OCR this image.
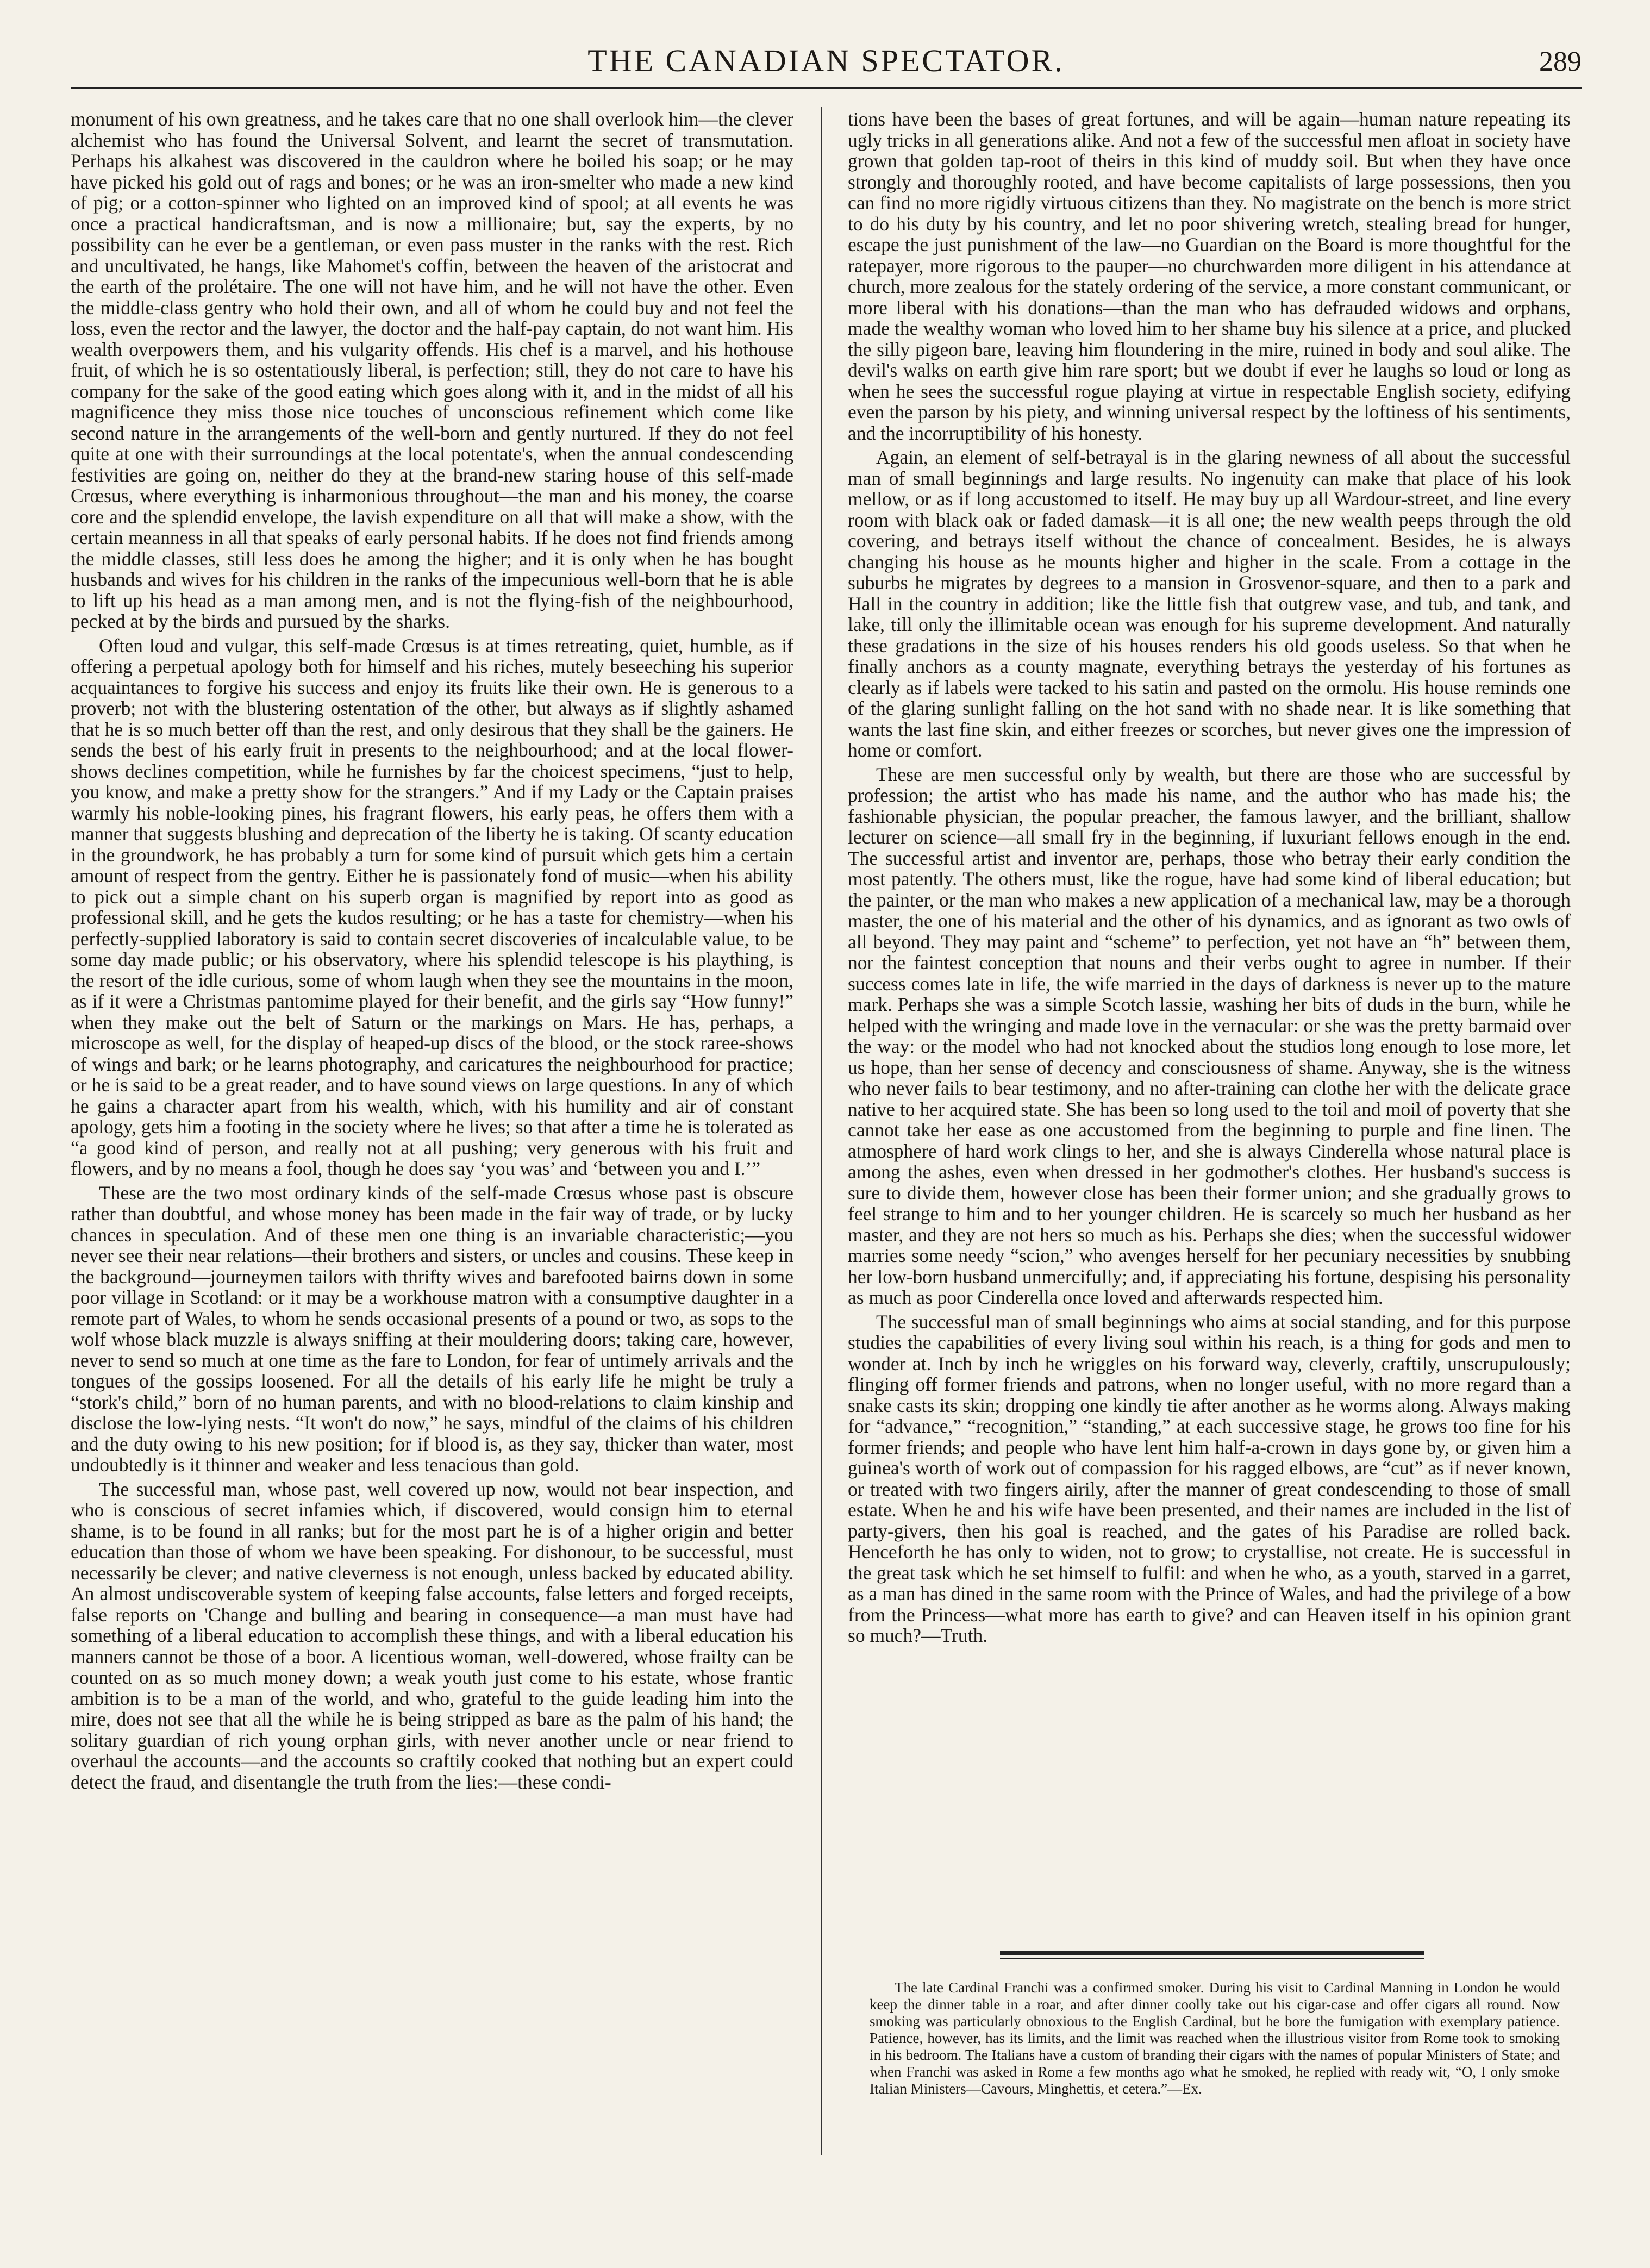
THE CANADIAN SPECTATOR.	289

monument of his own greatness, and he takes care that no one shall overlook him—the clever alchemist who has found the Universal Solvent, and learnt the secret of transmutation. Perhaps his alkahest was discovered in the cauldron where he boiled his soap; or he may have picked his gold out of rags and bones; or he was an iron-smelter who made a new kind of pig; or a cotton-spinner who lighted on an improved kind of spool; at all events he was once a practical handicraftsman, and is now a millionaire; but, say the experts, by no possibility can he ever be a gentleman, or even pass muster in the ranks with the rest. Rich and uncultivated, he hangs, like Mahomet's coffin, between the heaven of the aristocrat and the earth of the prolétaire. The one will not have him, and he will not have the other. Even the middle-class gentry who hold their own, and all of whom he could buy and not feel the loss, even the rector and the lawyer, the doctor and the half-pay captain, do not want him. His wealth overpowers them, and his vulgarity offends. His chef is a marvel, and his hothouse fruit, of which he is so ostentatiously liberal, is perfection; still, they do not care to have his company for the sake of the good eating which goes along with it, and in the midst of all his magnificence they miss those nice touches of unconscious refinement which come like second nature in the arrangements of the well-born and gently nurtured. If they do not feel quite at one with their surroundings at the local potentate's, when the annual condescending festivities are going on, neither do they at the brand-new staring house of this self-made Crœsus, where everything is inharmonious throughout—the man and his money, the coarse core and the splendid envelope, the lavish expenditure on all that will make a show, with the certain meanness in all that speaks of early personal habits. If he does not find friends among the middle classes, still less does he among the higher; and it is only when he has bought husbands and wives for his children in the ranks of the impecunious well-born that he is able to lift up his head as a man among men, and is not the flying-fish of the neighbourhood, pecked at by the birds and pursued by the sharks.

Often loud and vulgar, this self-made Crœsus is at times retreating, quiet, humble, as if offering a perpetual apology both for himself and his riches, mutely beseeching his superior acquaintances to forgive his success and enjoy its fruits like their own. He is generous to a proverb; not with the blustering ostentation of the other, but always as if slightly ashamed that he is so much better off than the rest, and only desirous that they shall be the gainers. He sends the best of his early fruit in presents to the neighbourhood; and at the local flower-shows declines competition, while he furnishes by far the choicest specimens, “just to help, you know, and make a pretty show for the strangers.” And if my Lady or the Captain praises warmly his noble-looking pines, his fragrant flowers, his early peas, he offers them with a manner that suggests blushing and deprecation of the liberty he is taking. Of scanty education in the groundwork, he has probably a turn for some kind of pursuit which gets him a certain amount of respect from the gentry. Either he is passionately fond of music—when his ability to pick out a simple chant on his superb organ is magnified by report into as good as professional skill, and he gets the kudos resulting; or he has a taste for chemistry—when his perfectly-supplied laboratory is said to contain secret discoveries of incalculable value, to be some day made public; or his observatory, where his splendid telescope is his plaything, is the resort of the idle curious, some of whom laugh when they see the mountains in the moon, as if it were a Christmas pantomime played for their benefit, and the girls say “How funny!” when they make out the belt of Saturn or the markings on Mars. He has, perhaps, a microscope as well, for the display of heaped-up discs of the blood, or the stock raree-shows of wings and bark; or he learns photography, and caricatures the neighbourhood for practice; or he is said to be a great reader, and to have sound views on large questions. In any of which he gains a character apart from his wealth, which, with his humility and air of constant apology, gets him a footing in the society where he lives; so that after a time he is tolerated as “a good kind of person, and really not at all pushing; very generous with his fruit and flowers, and by no means a fool, though he does say ‘you was’ and ‘between you and I.’”

These are the two most ordinary kinds of the self-made Crœsus whose past is obscure rather than doubtful, and whose money has been made in the fair way of trade, or by lucky chances in speculation. And of these men one thing is an invariable characteristic;—you never see their near relations—their brothers and sisters, or uncles and cousins. These keep in the background—journeymen tailors with thrifty wives and barefooted bairns down in some poor village in Scotland: or it may be a workhouse matron with a consumptive daughter in a remote part of Wales, to whom he sends occasional presents of a pound or two, as sops to the wolf whose black muzzle is always sniffing at their mouldering doors; taking care, however, never to send so much at one time as the fare to London, for fear of untimely arrivals and the tongues of the gossips loosened. For all the details of his early life he might be truly a “stork's child,” born of no human parents, and with no blood-relations to claim kinship and disclose the low-lying nests. “It won't do now,” he says, mindful of the claims of his children and the duty owing to his new position; for if blood is, as they say, thicker than water, most undoubtedly is it thinner and weaker and less tenacious than gold.

The successful man, whose past, well covered up now, would not bear inspection, and who is conscious of secret infamies which, if discovered, would consign him to eternal shame, is to be found in all ranks; but for the most part he is of a higher origin and better education than those of whom we have been speaking. For dishonour, to be successful, must necessarily be clever; and native cleverness is not enough, unless backed by educated ability. An almost undiscoverable system of keeping false accounts, false letters and forged receipts, false reports on 'Change and bulling and bearing in consequence—a man must have had something of a liberal education to accomplish these things, and with a liberal education his manners cannot be those of a boor. A licentious woman, well-dowered, whose frailty can be counted on as so much money down; a weak youth just come to his estate, whose frantic ambition is to be a man of the world, and who, grateful to the guide leading him into the mire, does not see that all the while he is being stripped as bare as the palm of his hand; the solitary guardian of rich young orphan girls, with never another uncle or near friend to overhaul the accounts—and the accounts so craftily cooked that nothing but an expert could detect the fraud, and disentangle the truth from the lies:—these condi-

tions have been the bases of great fortunes, and will be again—human nature repeating its ugly tricks in all generations alike. And not a few of the successful men afloat in society have grown that golden tap-root of theirs in this kind of muddy soil. But when they have once strongly and thoroughly rooted, and have become capitalists of large possessions, then you can find no more rigidly virtuous citizens than they. No magistrate on the bench is more strict to do his duty by his country, and let no poor shivering wretch, stealing bread for hunger, escape the just punishment of the law—no Guardian on the Board is more thoughtful for the ratepayer, more rigorous to the pauper—no churchwarden more diligent in his attendance at church, more zealous for the stately ordering of the service, a more constant communicant, or more liberal with his donations—than the man who has defrauded widows and orphans, made the wealthy woman who loved him to her shame buy his silence at a price, and plucked the silly pigeon bare, leaving him floundering in the mire, ruined in body and soul alike. The devil's walks on earth give him rare sport; but we doubt if ever he laughs so loud or long as when he sees the successful rogue playing at virtue in respectable English society, edifying even the parson by his piety, and winning universal respect by the loftiness of his sentiments, and the incorruptibility of his honesty.

Again, an element of self-betrayal is in the glaring newness of all about the successful man of small beginnings and large results. No ingenuity can make that place of his look mellow, or as if long accustomed to itself. He may buy up all Wardour-street, and line every room with black oak or faded damask—it is all one; the new wealth peeps through the old covering, and betrays itself without the chance of concealment. Besides, he is always changing his house as he mounts higher and higher in the scale. From a cottage in the suburbs he migrates by degrees to a mansion in Grosvenor-square, and then to a park and Hall in the country in addition; like the little fish that outgrew vase, and tub, and tank, and lake, till only the illimitable ocean was enough for his supreme development. And naturally these gradations in the size of his houses renders his old goods useless. So that when he finally anchors as a county magnate, everything betrays the yesterday of his fortunes as clearly as if labels were tacked to his satin and pasted on the ormolu. His house reminds one of the glaring sunlight falling on the hot sand with no shade near. It is like something that wants the last fine skin, and either freezes or scorches, but never gives one the impression of home or comfort.

These are men successful only by wealth, but there are those who are successful by profession; the artist who has made his name, and the author who has made his; the fashionable physician, the popular preacher, the famous lawyer, and the brilliant, shallow lecturer on science—all small fry in the beginning, if luxuriant fellows enough in the end. The successful artist and inventor are, perhaps, those who betray their early condition the most patently. The others must, like the rogue, have had some kind of liberal education; but the painter, or the man who makes a new application of a mechanical law, may be a thorough master, the one of his material and the other of his dynamics, and as ignorant as two owls of all beyond. They may paint and “scheme” to perfection, yet not have an “h” between them, nor the faintest conception that nouns and their verbs ought to agree in number. If their success comes late in life, the wife married in the days of darkness is never up to the mature mark. Perhaps she was a simple Scotch lassie, washing her bits of duds in the burn, while he helped with the wringing and made love in the vernacular: or she was the pretty barmaid over the way: or the model who had not knocked about the studios long enough to lose more, let us hope, than her sense of decency and consciousness of shame. Anyway, she is the witness who never fails to bear testimony, and no after-training can clothe her with the delicate grace native to her acquired state. She has been so long used to the toil and moil of poverty that she cannot take her ease as one accustomed from the beginning to purple and fine linen. The atmosphere of hard work clings to her, and she is always Cinderella whose natural place is among the ashes, even when dressed in her godmother's clothes. Her husband's success is sure to divide them, however close has been their former union; and she gradually grows to feel strange to him and to her younger children. He is scarcely so much her husband as her master, and they are not hers so much as his. Perhaps she dies; when the successful widower marries some needy “scion,” who avenges herself for her pecuniary necessities by snubbing her low-born husband unmercifully; and, if appreciating his fortune, despising his personality as much as poor Cinderella once loved and afterwards respected him.

The successful man of small beginnings who aims at social standing, and for this purpose studies the capabilities of every living soul within his reach, is a thing for gods and men to wonder at. Inch by inch he wriggles on his forward way, cleverly, craftily, unscrupulously; flinging off former friends and patrons, when no longer useful, with no more regard than a snake casts its skin; dropping one kindly tie after another as he worms along. Always making for “advance,” “recognition,” “standing,” at each successive stage, he grows too fine for his former friends; and people who have lent him half-a-crown in days gone by, or given him a guinea's worth of work out of compassion for his ragged elbows, are “cut” as if never known, or treated with two fingers airily, after the manner of great condescending to those of small estate. When he and his wife have been presented, and their names are included in the list of party-givers, then his goal is reached, and the gates of his Paradise are rolled back. Henceforth he has only to widen, not to grow; to crystallise, not create. He is successful in the great task which he set himself to fulfil: and when he who, as a youth, starved in a garret, as a man has dined in the same room with the Prince of Wales, and had the privilege of a bow from the Princess—what more has earth to give? and can Heaven itself in his opinion grant so much?—Truth.

The late Cardinal Franchi was a confirmed smoker. During his visit to Cardinal Manning in London he would keep the dinner table in a roar, and after dinner coolly take out his cigar-case and offer cigars all round. Now smoking was particularly obnoxious to the English Cardinal, but he bore the fumigation with exemplary patience. Patience, however, has its limits, and the limit was reached when the illustrious visitor from Rome took to smoking in his bedroom. The Italians have a custom of branding their cigars with the names of popular Ministers of State; and when Franchi was asked in Rome a few months ago what he smoked, he replied with ready wit, “O, I only smoke Italian Ministers—Cavours, Minghettis, et cetera.”—Ex.
